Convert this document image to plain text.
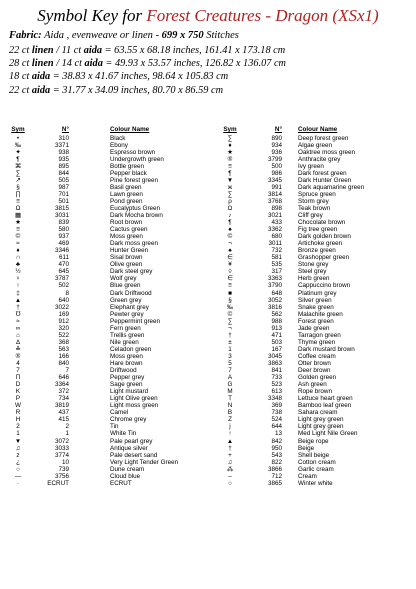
Symbol Key for Forest Creatures - Dragon (XSx1)
Fabric: Aida , evenweave or linen - 699 x 750 Stitches
22 ct linen / 11 ct aida = 63.55 x 68.18 inches, 161.41 x 173.18 cm
28 ct linen / 14 ct aida = 49.93 x 53.57 inches, 126.82 x 136.07 cm
18 ct aida = 38.83 x 41.67 inches, 98.64 x 105.83 cm
22 ct aida = 31.77 x 34.09 inches, 80.70 x 86.59 cm
Sym	N°	Colour Name
•	310	Black
‰	3371	Ebony
✦	938	Espresso brown
¶	935	Undergrowth green
⌘	895	Bottle green
∑	844	Pepper black
↗	505	Pine forest green
§	987	Basil green
∏	701	Lawn green
≡	501	Pond green
Ω	3815	Eucalyptus Green
▦	3031	Dark Mocha brown
★	839	Root brown
≡	580	Cactus green
©	937	Moss green
≈	469	Dark moss green
♦	3346	Hunter Green
∩	611	Sisal brown
♣	470	Olive green
½	645	Dark steel grey
♀	3787	Wolf grey
↑	502	Blue green
‡	8	Dark Driftwood
▲	640	Green grey
†	3022	Elephant grey
℧	169	Pewter grey
≈	912	Peppermint green
∞	320	Fern green
⌂	522	Trellis green
∆	368	Nile green
≙	563	Celadon green
®	166	Moss green
4	840	Hare brown
7	7	Driftwood
Π	646	Pepper grey
D	3364	Sage green
K	372	Light mustard
P	734	Light Olive green
W	3819	Light moss green
R	437	Camel
H	415	Chrome grey
2	2	Tin
1	1	White Tin
▼	3072	Pale pearl grey
♫	3033	Antique silver
z	3774	Pale desert sand
¿	10	Very Light Tender Green
○	739	Dune cream
—	3756	Cloud blue
·	ECRUT	ECRUT
Sym	N°	Colour Name
∑	890	Deep forest green
♦	934	Algae green
★	936	Oaktree moss green
®	3799	Anthracite grey
≡	500	Ivy green
¶	986	Dark forest green
▼	3345	Dark Hunter Green
ж	991	Dark aquamarine green
∑	3814	Spruce green
ρ	3768	Storm grey
Ω	898	Teak brown
♪	3021	Cliff grey
¶	433	Chocolate brown
♠	3362	Fig tree green
©	680	Dark golden brown
¬	3011	Artichoke green
♠	732	Bronze green
∈	581	Grashopper green
¥	535	Stone grey
◊	317	Steel grey
∈	3363	Herb green
≡	3790	Cappuccino brown
■	648	Platinum grey
§	3052	Silver green
‰	3816	Snake green
©	562	Malachite green
∑	988	Forest green
¬	913	Jade green
†	471	Tarragon green
±	503	Thyme green
1	167	Dark mustard brown
3	3045	Coffee cream
5	3863	Otter brown
7	841	Deer brown
A	733	Golden green
G	523	Ash green
M	613	Rope brown
T	3348	Lettuce heart green
N	369	Bamboo leaf green
B	738	Sahara cream
Z	524	Light grey green
j	644	Light grey green
↑	13	Med Light Nile Green
▲	842	Beige rope
†	950	Beige
+	543	Shell beige
♫	822	Cotton cream
⁂	3866	Garlic cream
–	712	Cream
○	3865	Winter white
